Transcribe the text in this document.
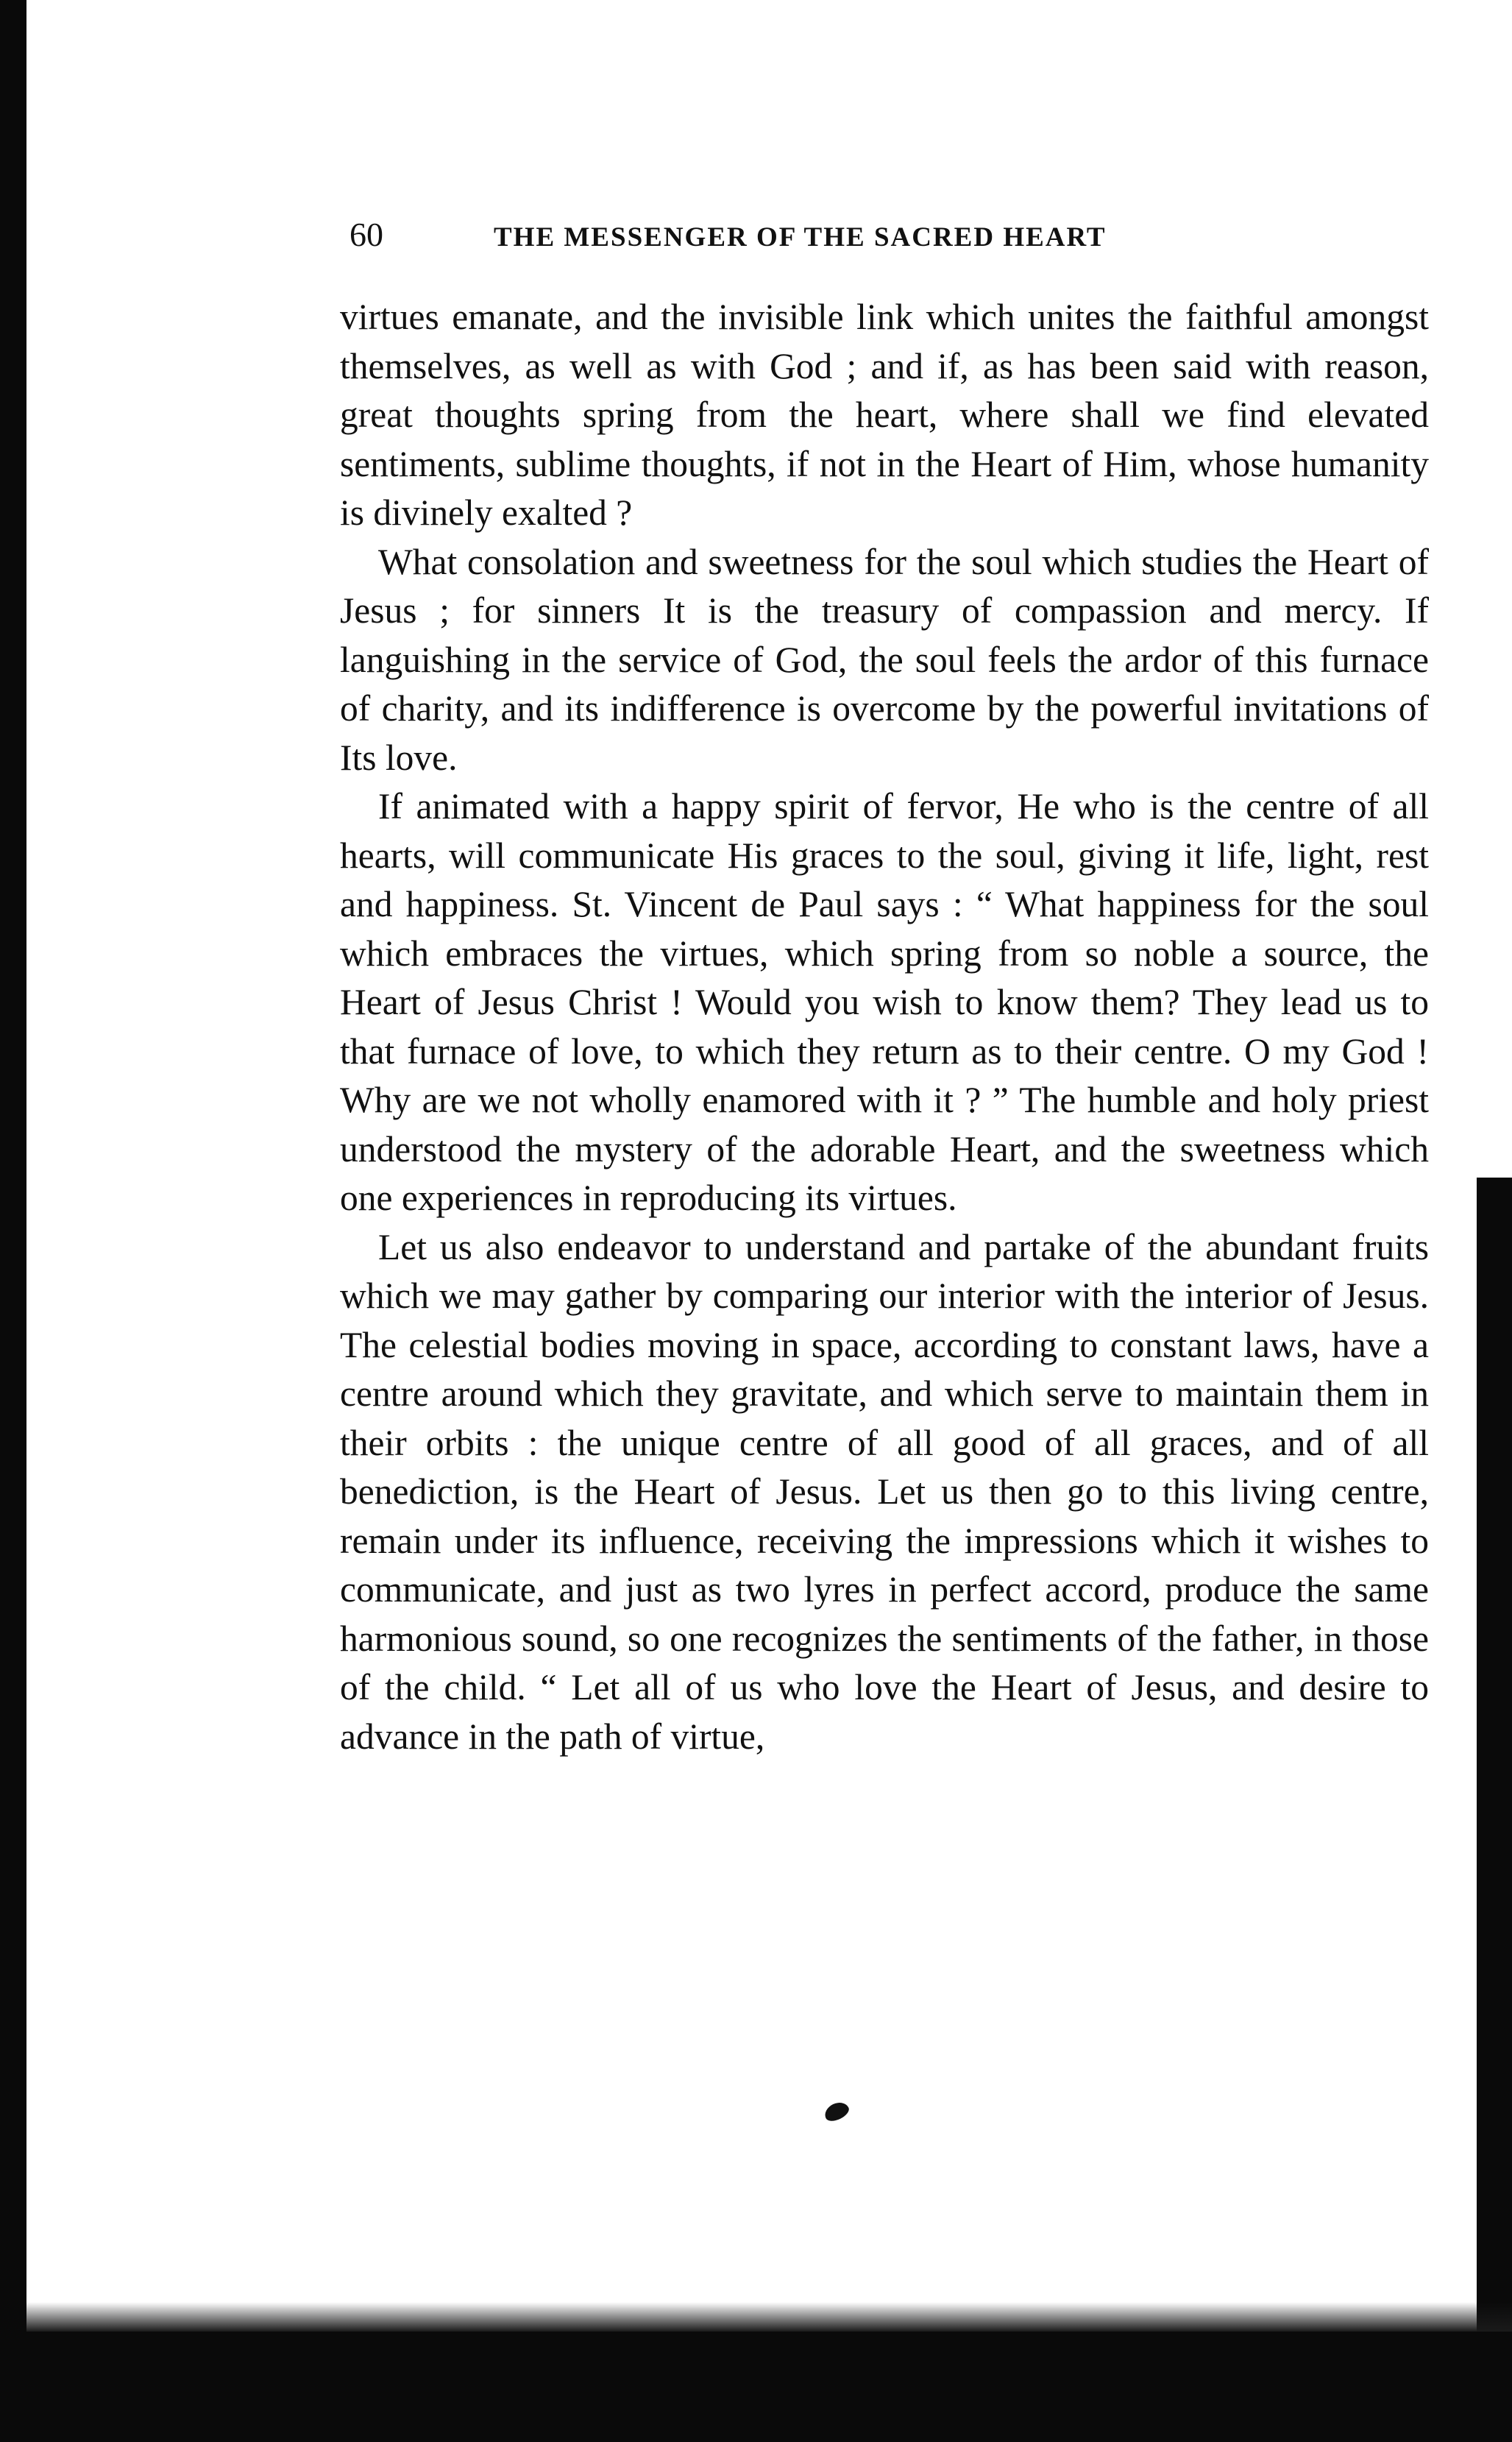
60	THE MESSENGER OF THE SACRED HEART

virtues emanate, and the invisible link which unites the faithful amongst themselves, as well as with God ; and if, as has been said with reason, great thoughts spring from the heart, where shall we find elevated sentiments, sublime thoughts, if not in the Heart of Him, whose humanity is divinely exalted ?

What consolation and sweetness for the soul which studies the Heart of Jesus ; for sinners It is the treasury of compassion and mercy. If languishing in the service of God, the soul feels the ardor of this furnace of charity, and its indifference is overcome by the powerful invitations of Its love.

If animated with a happy spirit of fervor, He who is the centre of all hearts, will communicate His graces to the soul, giving it life, light, rest and happiness. St. Vincent de Paul says : “ What happiness for the soul which embraces the virtues, which spring from so noble a source, the Heart of Jesus Christ ! Would you wish to know them? They lead us to that furnace of love, to which they return as to their centre. O my God ! Why are we not wholly enamored with it ? ” The humble and holy priest understood the mystery of the adorable Heart, and the sweetness which one experiences in reproducing its virtues.

Let us also endeavor to understand and partake of the abundant fruits which we may gather by comparing our interior with the interior of Jesus. The celestial bodies moving in space, according to constant laws, have a centre around which they gravitate, and which serve to maintain them in their orbits : the unique centre of all good of all graces, and of all benediction, is the Heart of Jesus. Let us then go to this living centre, remain under its influence, receiving the impressions which it wishes to communicate, and just as two lyres in perfect accord, produce the same harmonious sound, so one recognizes the sentiments of the father, in those of the child. “ Let all of us who love the Heart of Jesus, and desire to advance in the path of virtue,
